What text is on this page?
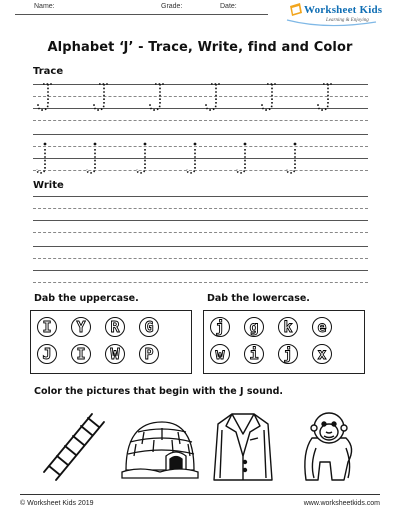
Name:	Grade:	Date:	Worksheet Kids
Learning & Enjoying
Alphabet ‘J’ - Trace, Write, find and Color
Trace
Write
Dab the uppercase.
I	Y	R	G
J	I	W	P
Dab the lowercase.
j	g	k	e
w	i	j	x
Color the pictures that begin with the J sound.
© Worksheet Kids 2019	www.worksheetkids.com
